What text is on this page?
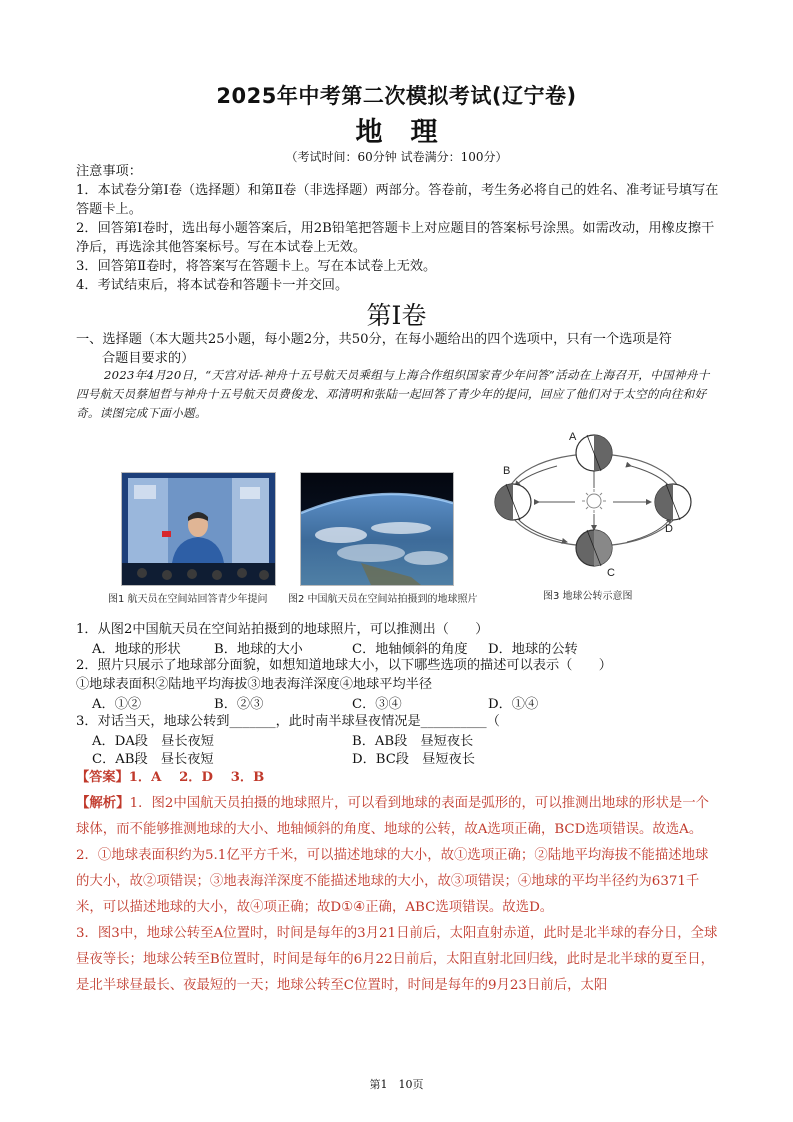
2025年中考第二次模拟考试(辽宁卷)
地理
（考试时间：60分钟 试卷满分：100分）
注意事项：
1．本试卷分第Ⅰ卷（选择题）和第Ⅱ卷（非选择题）两部分。答卷前，考生务必将自己的姓名、准考证号填写在答题卡上。
2．回答第Ⅰ卷时，选出每小题答案后，用2B铅笔把答题卡上对应题目的答案标号涂黑。如需改动，用橡皮擦干净后，再选涂其他答案标号。写在本试卷上无效。
3．回答第Ⅱ卷时，将答案写在答题卡上。写在本试卷上无效。
4．考试结束后，将本试卷和答题卡一并交回。
第Ⅰ卷
一、选择题（本大题共25小题，每小题2分，共50分，在每小题给出的四个选项中，只有一个选项是符
合题目要求的）
2023年4月20日，“天宫对话-神舟十五号航天员乘组与上海合作组织国家青少年问答”活动在上海召开，中国神舟十四号航天员蔡旭哲与神舟十五号航天员费俊龙、邓清明和张陆一起回答了青少年的提问，回应了他们对于太空的向往和好奇。读图完成下面小题。
图1 航天员在空间站回答青少年提问 图2 中国航天员在空间站拍摄到的地球照片
A
B
C
D
图3 地球公转示意图
1．从图2中国航天员在空间站拍摄到的地球照片，可以推测出（　　）
A．地球的形状	B．地球的大小	C．地轴倾斜的角度 D．地球的公转
2．照片只展示了地球部分面貌，如想知道地球大小，以下哪些选项的描述可以表示（　　）
①地球表面积②陆地平均海拔③地表海洋深度④地球平均半径
A．①②	B．②③	C．③④	D．①④
3．对话当天，地球公转到_______，此时南半球昼夜情况是__________（
A．DA段　昼长夜短	B．AB段　昼短夜长
C．AB段　昼长夜短	D．BC段　昼短夜长
【答案】1．A　 2．D　 3．B
【解析】1．图2中国航天员拍摄的地球照片，可以看到地球的表面是弧形的，可以推测出地球的形状是一个球体，而不能够推测地球的大小、地轴倾斜的角度、地球的公转，故A选项正确，BCD选项错误。故选A。
2．①地球表面积约为5.1亿平方千米，可以描述地球的大小，故①选项正确；②陆地平均海拔不能描述地球的大小，故②项错误；③地表海洋深度不能描述地球的大小，故③项错误；④地球的平均半径约为6371千米，可以描述地球的大小，故④项正确；故D①④正确，ABC选项错误。故选D。
3．图3中，地球公转至A位置时，时间是每年的3月21日前后，太阳直射赤道，此时是北半球的春分日，全球昼夜等长；地球公转至B位置时，时间是每年的6月22日前后，太阳直射北回归线，此时是北半球的夏至日，是北半球昼最长、夜最短的一天；地球公转至C位置时，时间是每年的9月23日前后，太阳
第1　10页
